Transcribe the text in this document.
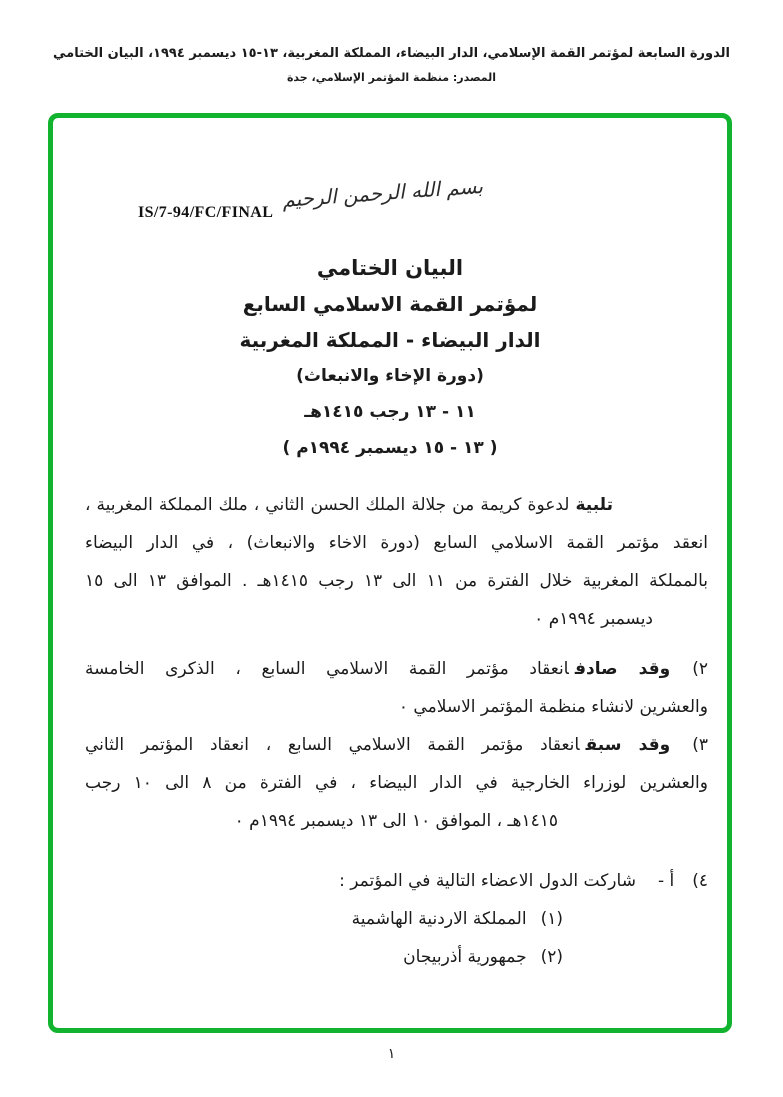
الدورة السابعة لمؤتمر القمة الإسلامي، الدار البيضاء، المملكة المغربية، ١٣-١٥ ديسمبر ١٩٩٤، البيان الختامي
المصدر: منظمة المؤتمر الإسلامي، جدة
IS/7-94/FC/FINAL
بسم الله الرحمن الرحيم
البيان الختامي
لمؤتمر القمة الاسلامي السابع
الدار البيضاء - المملكة المغربية
(دورة الإخاء والانبعاث)
١١ - ١٣ رجب ١٤١٥هـ
( ١٣ - ١٥ ديسمبر ١٩٩٤م )
تلبيةلدعوة كريمة من جلالة الملك الحسن الثاني ، ملك المملكة المغربية ،
انعقد مؤتمر القمة الاسلامي السابع (دورة الاخاء والانبعاث) ، في الدار البيضاء
بالمملكة المغربية خلال الفترة من ١١ الى ١٣ رجب ١٤١٥هـ . الموافق ١٣ الى ١٥
ديسمبر ١٩٩٤م ٠
٢)وقد صادفانعقاد مؤتمر القمة الاسلامي السابع ، الذكرى الخامسة
والعشرين لانشاء منظمة المؤتمر الاسلامي ٠
٣)وقد سبقانعقاد مؤتمر القمة الاسلامي السابع ، انعقاد المؤتمر الثاني
والعشرين لوزراء الخارجية في الدار البيضاء ، في الفترة من ٨ الى ١٠ رجب
١٤١٥هـ ، الموافق ١٠ الى ١٣ ديسمبر ١٩٩٤م ٠
٤)أ -شاركت الدول الاعضاء التالية في المؤتمر :
(١)المملكة الاردنية الهاشمية
(٢)جمهورية أذربيجان
١
